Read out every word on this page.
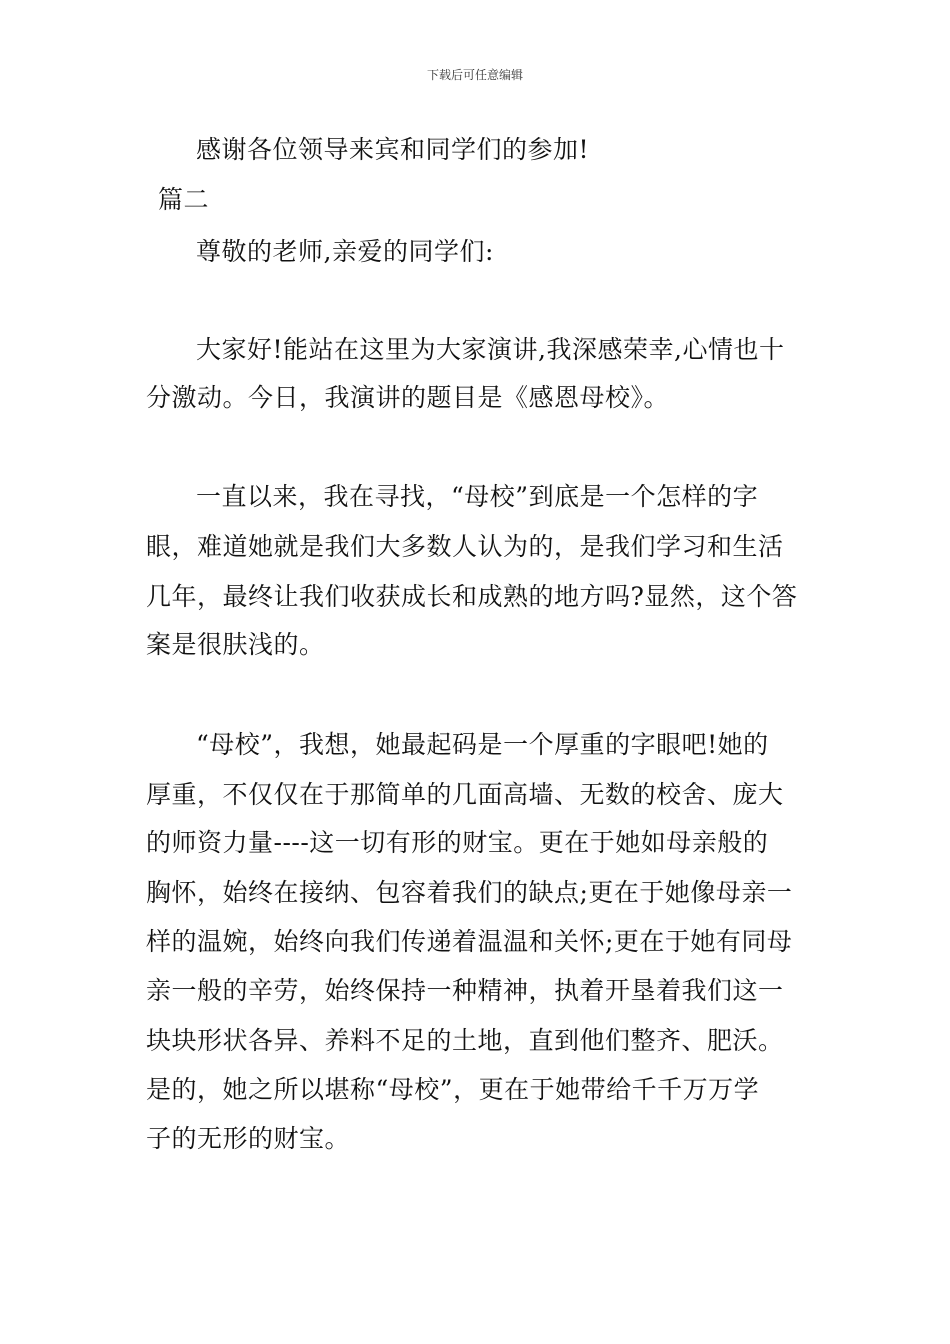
下载后可任意编辑
感谢各位领导来宾和同学们的参加!
篇二
尊敬的老师,亲爱的同学们:
大家好!能站在这里为大家演讲,我深感荣幸,心情也十
分激动。今日，我演讲的题目是《感恩母校》。
一直以来，我在寻找，“母校”到底是一个怎样的字
眼，难道她就是我们大多数人认为的，是我们学习和生活
几年，最终让我们收获成长和成熟的地方吗?显然，这个答
案是很肤浅的。
“母校”，我想，她最起码是一个厚重的字眼吧!她的
厚重，不仅仅在于那简单的几面高墙、无数的校舍、庞大
的师资力量----这一切有形的财宝。更在于她如母亲般的
胸怀，始终在接纳、包容着我们的缺点;更在于她像母亲一
样的温婉，始终向我们传递着温温和关怀;更在于她有同母
亲一般的辛劳，始终保持一种精神，执着开垦着我们这一
块块形状各异、养料不足的土地，直到他们整齐、肥沃。
是的，她之所以堪称“母校”，更在于她带给千千万万学
子的无形的财宝。
